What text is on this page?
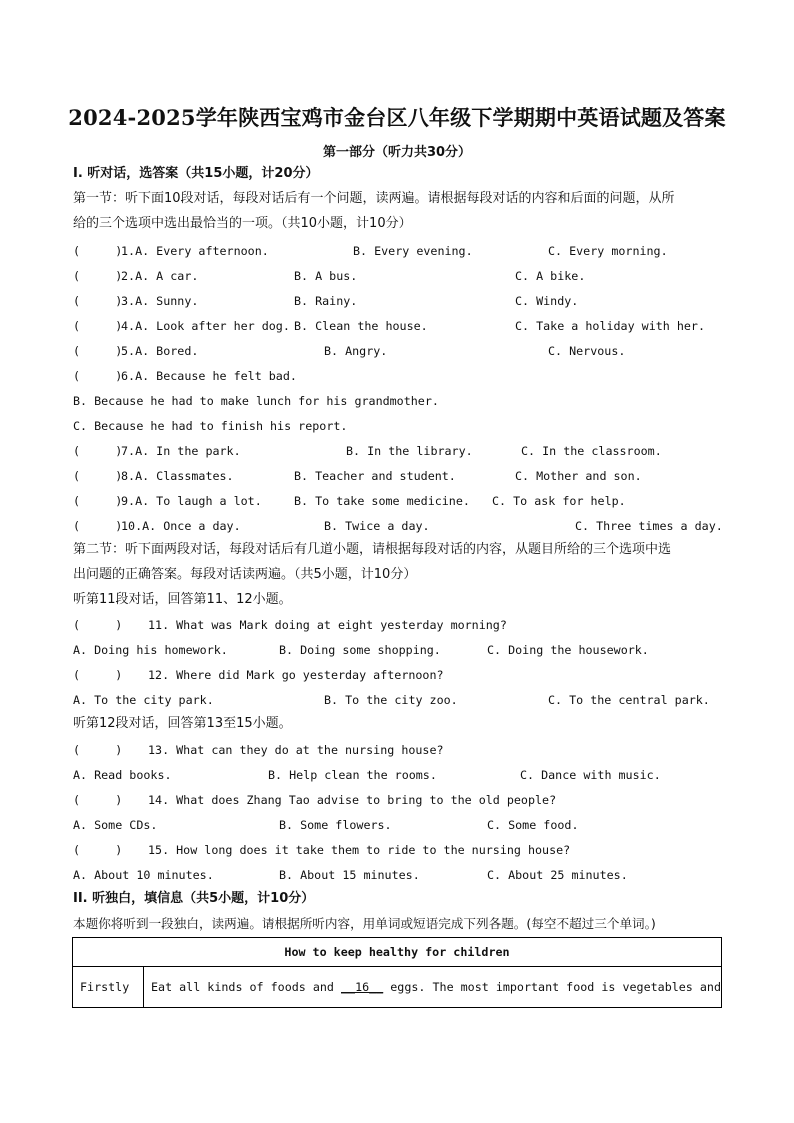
2024-2025学年陕西宝鸡市金台区八年级下学期期中英语试题及答案
第一部分（听力共30分）
I. 听对话，选答案（共15小题，计20分）
第一节：听下面10段对话，每段对话后有一个问题，读两遍。请根据每段对话的内容和后面的问题，从所
给的三个选项中选出最恰当的一项。（共10小题，计10分）
(     )
1.A. Every afternoon.	B. Every evening.	C. Every morning.
(     )
2.A. A car.	B. A bus.	C. A bike.
(     )
3.A. Sunny.	B. Rainy.	C. Windy.
(     )
4.A. Look after her dog. B. Clean the house.	C. Take a holiday with her.
(     )
5.A. Bored.	B. Angry.	C. Nervous.
(     )
6.A. Because he felt bad.
B. Because he had to make lunch for his grandmother.
C. Because he had to finish his report.
(     )
7.A. In the park.	B. In the library.	C. In the classroom.
(     )
8.A. Classmates.	B. Teacher and student.	C. Mother and son.
(     )
9.A. To laugh a lot.	B. To take some medicine. C. To ask for help.
(     )
10.A. Once a day.	B. Twice a day.	C. Three times a day.
第二节：听下面两段对话，每段对话后有几道小题，请根据每段对话的内容，从题目所给的三个选项中选
出问题的正确答案。每段对话读两遍。（共5小题，计10分）
听第11段对话，回答第11、12小题。
(     ) 11. What was Mark doing at eight yesterday morning?
A. Doing his homework.	B. Doing some shopping.	C. Doing the housework.
(     ) 12. Where did Mark go yesterday afternoon?
A. To the city park.	B. To the city zoo.	C. To the central park.
听第12段对话，回答第13至15小题。
(     ) 13. What can they do at the nursing house?
A. Read books.	B. Help clean the rooms.	C. Dance with music.
(     ) 14. What does Zhang Tao advise to bring to the old people?
A. Some CDs.	B. Some flowers.	C. Some food.
(     ) 15. How long does it take them to ride to the nursing house?
A. About 10 minutes.	B. About 15 minutes.	C. About 25 minutes.
II. 听独白，填信息（共5小题，计10分）
本题你将听到一段独白，读两遍。请根据所听内容，用单词或短语完成下列各题。(每空不超过三个单词。)
How to keep healthy for children
Firstly	Eat all kinds of foods and __16__ eggs. The most important food is vegetables and
